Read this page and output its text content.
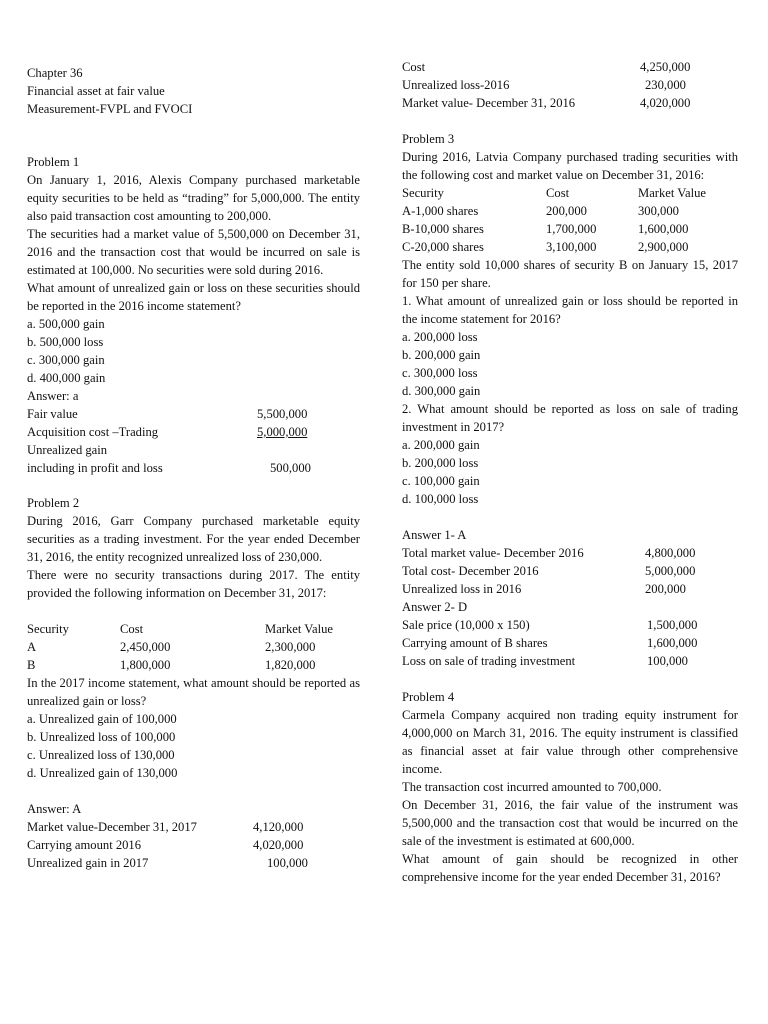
Chapter 36

Financial asset at fair value

Measurement-FVPL and FVOCI

Problem 1

On January 1, 2016, Alexis Company purchased marketable equity securities to be held as “trading” for 5,000,000. The entity also paid transaction cost amounting to 200,000.

The securities had a market value of 5,500,000 on December 31, 2016 and the transaction cost that would be incurred on sale is estimated at 100,000. No securities were sold during 2016.

What amount of unrealized gain or loss on these securities should be reported in the 2016 income statement?

a. 500,000 gain

b. 500,000 loss

c. 300,000 gain

d. 400,000 gain

Answer: a

Fair value	5,500,000
Acquisition cost –Trading	5,000,000
Unrealized gain
including in profit and loss	500,000

Problem 2

During 2016, Garr Company purchased marketable equity securities as a trading investment. For the year ended December 31, 2016, the entity recognized unrealized loss of 230,000.

There were no security transactions during 2017. The entity provided the following information on December 31, 2017:

Security	Cost	Market Value
A	2,450,000	2,300,000
B	1,800,000	1,820,000

In the 2017 income statement, what amount should be reported as unrealized gain or loss?

a. Unrealized gain of 100,000

b. Unrealized loss of 100,000

c. Unrealized loss of 130,000

d. Unrealized gain of 130,000

Answer: A

Market value-December 31, 2017	4,120,000
Carrying amount 2016	4,020,000
Unrealized gain in 2017	100,000
Cost	4,250,000
Unrealized loss-2016	230,000
Market value- December 31, 2016	4,020,000

Problem 3

During 2016, Latvia Company purchased trading securities with the following cost and market value on December 31, 2016:

Security	Cost	Market Value
A-1,000 shares	200,000	300,000
B-10,000 shares	1,700,000	1,600,000
C-20,000 shares	3,100,000	2,900,000

The entity sold 10,000 shares of security B on January 15, 2017 for 150 per share.

1. What amount of unrealized gain or loss should be reported in the income statement for 2016?

a. 200,000 loss

b. 200,000 gain

c. 300,000 loss

d. 300,000 gain

2. What amount should be reported as loss on sale of trading investment in 2017?

a. 200,000 gain

b. 200,000 loss

c. 100,000 gain

d. 100,000 loss

Answer 1- A

Total market value- December 2016	4,800,000
Total cost- December 2016	5,000,000
Unrealized loss in 2016	200,000

Answer 2- D

Sale price (10,000 x 150)	1,500,000
Carrying amount of B shares	1,600,000
Loss on sale of trading investment	100,000

Problem 4

Carmela Company acquired non trading equity instrument for 4,000,000 on March 31, 2016. The equity instrument is classified as financial asset at fair value through other comprehensive income.

The transaction cost incurred amounted to 700,000.

On December 31, 2016, the fair value of the instrument was 5,500,000 and the transaction cost that would be incurred on the sale of the investment is estimated at 600,000.

What amount of gain should be recognized in other comprehensive income for the year ended December 31, 2016?
